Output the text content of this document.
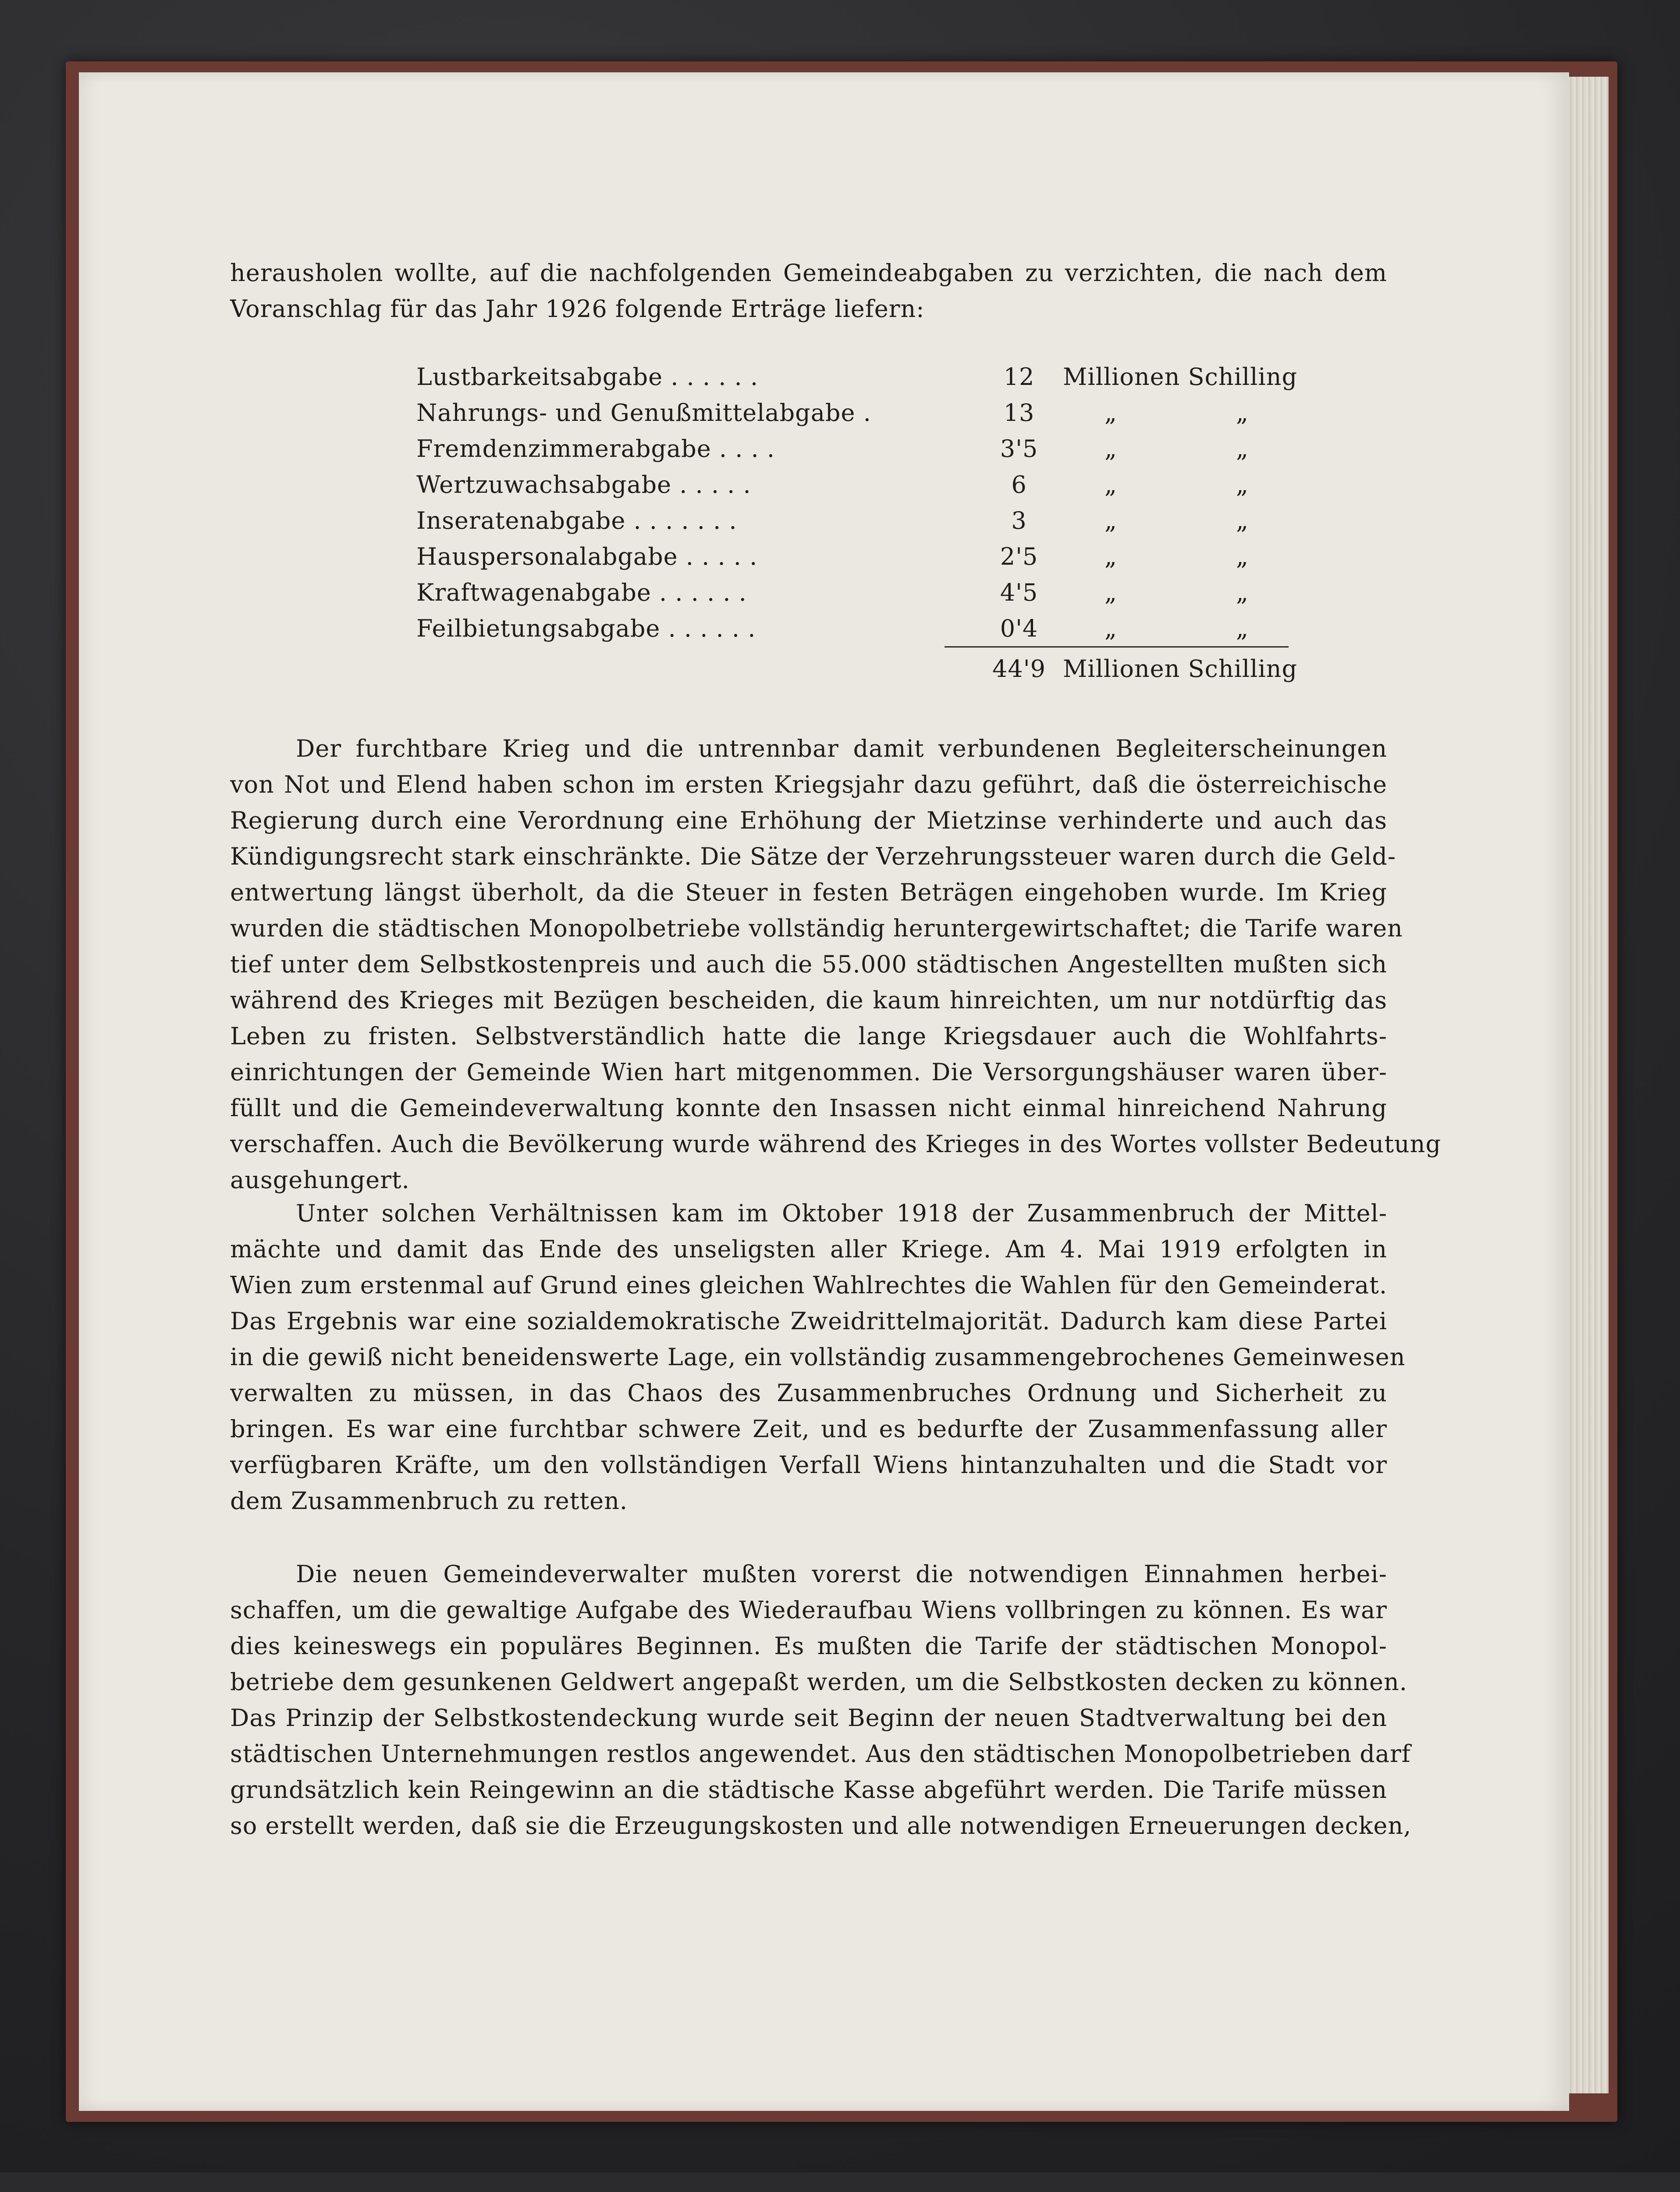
herausholen wollte, auf die nachfolgenden Gemeindeabgaben zu verzichten, die nach dem
Voranschlag für das Jahr 1926 folgende Erträge liefern:
Lustbarkeitsabgabe . . . . . .	12	Millionen Schilling
Nahrungs- und Genußmittelabgabe .	13	„	„
Fremdenzimmerabgabe . . . .	3'5	„	„
Wertzuwachsabgabe . . . . .	6	„	„
Inseratenabgabe . . . . . . .	3	„	„
Hauspersonalabgabe . . . . .	2'5	„	„
Kraftwagenabgabe . . . . . .	4'5	„	„
Feilbietungsabgabe . . . . . .	0'4	„	„
44'9 Millionen Schilling
Der furchtbare Krieg und die untrennbar damit verbundenen Begleiterscheinungen
von Not und Elend haben schon im ersten Kriegsjahr dazu geführt, daß die österreichische
Regierung durch eine Verordnung eine Erhöhung der Mietzinse verhinderte und auch das
Kündigungsrecht stark einschränkte. Die Sätze der Verzehrungssteuer waren durch die Geld-
entwertung längst überholt, da die Steuer in festen Beträgen eingehoben wurde. Im Krieg
wurden die städtischen Monopolbetriebe vollständig heruntergewirtschaftet; die Tarife waren
tief unter dem Selbstkostenpreis und auch die 55.000 städtischen Angestellten mußten sich
während des Krieges mit Bezügen bescheiden, die kaum hinreichten, um nur notdürftig das
Leben zu fristen. Selbstverständlich hatte die lange Kriegsdauer auch die Wohlfahrts-
einrichtungen der Gemeinde Wien hart mitgenommen. Die Versorgungshäuser waren über-
füllt und die Gemeindeverwaltung konnte den Insassen nicht einmal hinreichend Nahrung
verschaffen. Auch die Bevölkerung wurde während des Krieges in des Wortes vollster Bedeutung
ausgehungert.
Unter solchen Verhältnissen kam im Oktober 1918 der Zusammenbruch der Mittel-
mächte und damit das Ende des unseligsten aller Kriege. Am 4. Mai 1919 erfolgten in
Wien zum erstenmal auf Grund eines gleichen Wahlrechtes die Wahlen für den Gemeinderat.
Das Ergebnis war eine sozialdemokratische Zweidrittelmajorität. Dadurch kam diese Partei
in die gewiß nicht beneidenswerte Lage, ein vollständig zusammengebrochenes Gemeinwesen
verwalten zu müssen, in das Chaos des Zusammenbruches Ordnung und Sicherheit zu
bringen. Es war eine furchtbar schwere Zeit, und es bedurfte der Zusammenfassung aller
verfügbaren Kräfte, um den vollständigen Verfall Wiens hintanzuhalten und die Stadt vor
dem Zusammenbruch zu retten.
Die neuen Gemeindeverwalter mußten vorerst die notwendigen Einnahmen herbei-
schaffen, um die gewaltige Aufgabe des Wiederaufbau Wiens vollbringen zu können. Es war
dies keineswegs ein populäres Beginnen. Es mußten die Tarife der städtischen Monopol-
betriebe dem gesunkenen Geldwert angepaßt werden, um die Selbstkosten decken zu können.
Das Prinzip der Selbstkostendeckung wurde seit Beginn der neuen Stadtverwaltung bei den
städtischen Unternehmungen restlos angewendet. Aus den städtischen Monopolbetrieben darf
grundsätzlich kein Reingewinn an die städtische Kasse abgeführt werden. Die Tarife müssen
so erstellt werden, daß sie die Erzeugungskosten und alle notwendigen Erneuerungen decken,
